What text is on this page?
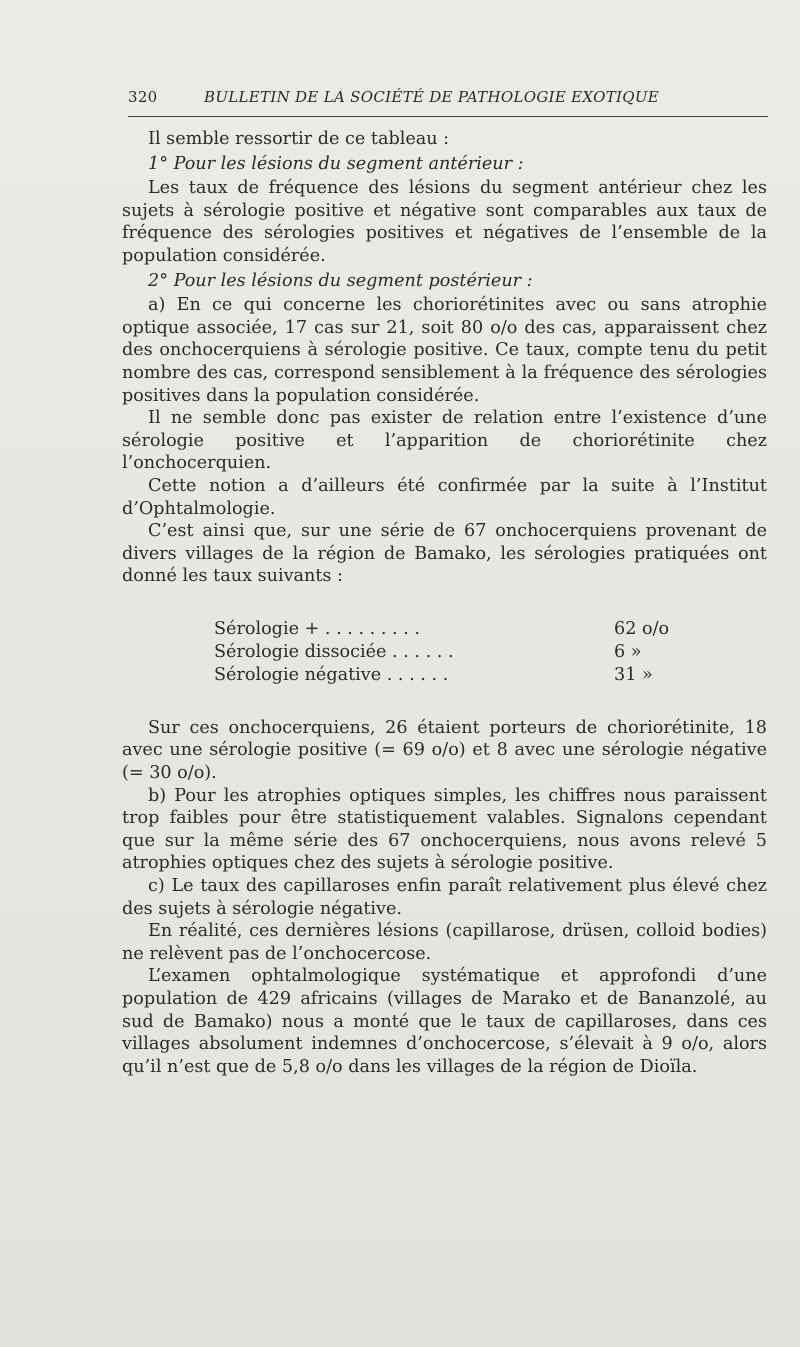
320	BULLETIN DE LA SOCIÉTÉ DE PATHOLOGIE EXOTIQUE

Il semble ressortir de ce tableau :

1° Pour les lésions du segment antérieur :

Les taux de fréquence des lésions du segment antérieur chez les sujets à sérologie positive et négative sont comparables aux taux de fréquence des sérologies positives et négatives de l’ensemble de la population considérée.

2° Pour les lésions du segment postérieur :

a) En ce qui concerne les choriorétinites avec ou sans atrophie optique associée, 17 cas sur 21, soit 80 o/o des cas, apparaissent chez des onchocerquiens à sérologie positive. Ce taux, compte tenu du petit nombre des cas, correspond sensiblement à la fréquence des sérologies positives dans la population considérée.

Il ne semble donc pas exister de relation entre l’existence d’une sérologie positive et l’apparition de choriorétinite chez l’onchocerquien.

Cette notion a d’ailleurs été confirmée par la suite à l’Institut d’Ophtalmologie.

C’est ainsi que, sur une série de 67 onchocerquiens provenant de divers villages de la région de Bamako, les sérologies pratiquées ont donné les taux suivants :

Sérologie + . . . . . . . . .	62 o/o
Sérologie dissociée . . . . . .	6 »
Sérologie négative . . . . . .	31 »

Sur ces onchocerquiens, 26 étaient porteurs de choriorétinite, 18 avec une sérologie positive (= 69 o/o) et 8 avec une sérologie négative (= 30 o/o).

b) Pour les atrophies optiques simples, les chiffres nous paraissent trop faibles pour être statistiquement valables. Signalons cependant que sur la même série des 67 onchocerquiens, nous avons relevé 5 atrophies optiques chez des sujets à sérologie positive.

c) Le taux des capillaroses enfin paraît relativement plus élevé chez des sujets à sérologie négative.

En réalité, ces dernières lésions (capillarose, drüsen, colloid bodies) ne relèvent pas de l’onchocercose.

L’examen ophtalmologique systématique et approfondi d’une population de 429 africains (villages de Marako et de Bananzolé, au sud de Bamako) nous a monté que le taux de capillaroses, dans ces villages absolument indemnes d’onchocercose, s’élevait à 9 o/o, alors qu’il n’est que de 5,8 o/o dans les villages de la région de Dioïla.
